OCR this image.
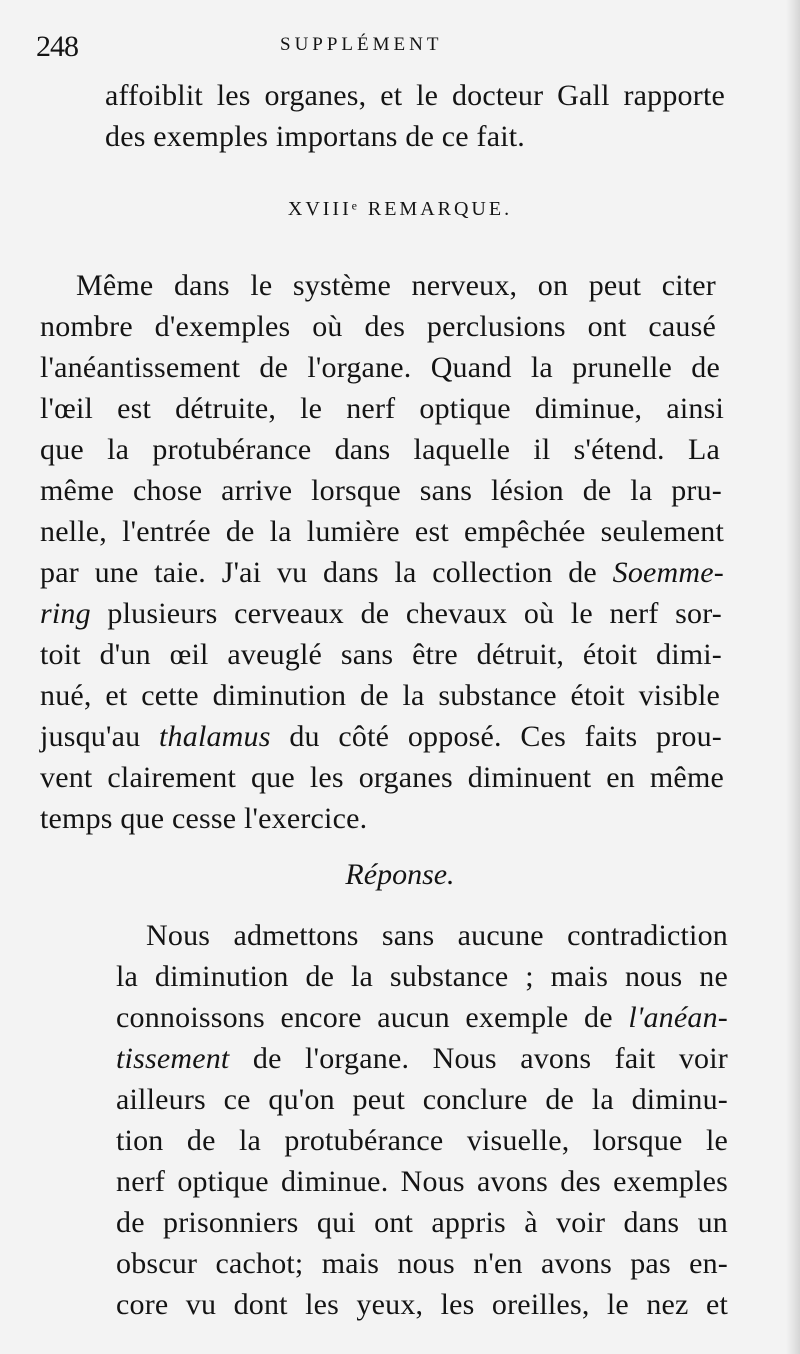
248	SUPPLÉMENT
affoiblit les organes, et le docteur Gall rapporte
des exemples importans de ce fait.
XVIIIᵉ REMARQUE.
Même dans le système nerveux, on peut citer
nombre d'exemples où des perclusions ont causé
l'anéantissement de l'organe. Quand la prunelle de
l'œil est détruite, le nerf optique diminue, ainsi
que la protubérance dans laquelle il s'étend. La
même chose arrive lorsque sans lésion de la pru-
nelle, l'entrée de la lumière est empêchée seulement
par une taie. J'ai vu dans la collection de Soemme-
ring plusieurs cerveaux de chevaux où le nerf sor-
toit d'un œil aveuglé sans être détruit, étoit dimi-
nué, et cette diminution de la substance étoit visible
jusqu'au thalamus du côté opposé. Ces faits prou-
vent clairement que les organes diminuent en même
temps que cesse l'exercice.
Réponse.
Nous admettons sans aucune contradiction
la diminution de la substance ; mais nous ne
connoissons encore aucun exemple de l'anéan-
tissement de l'organe. Nous avons fait voir
ailleurs ce qu'on peut conclure de la diminu-
tion de la protubérance visuelle, lorsque le
nerf optique diminue. Nous avons des exemples
de prisonniers qui ont appris à voir dans un
obscur cachot; mais nous n'en avons pas en-
core vu dont les yeux, les oreilles, le nez et
